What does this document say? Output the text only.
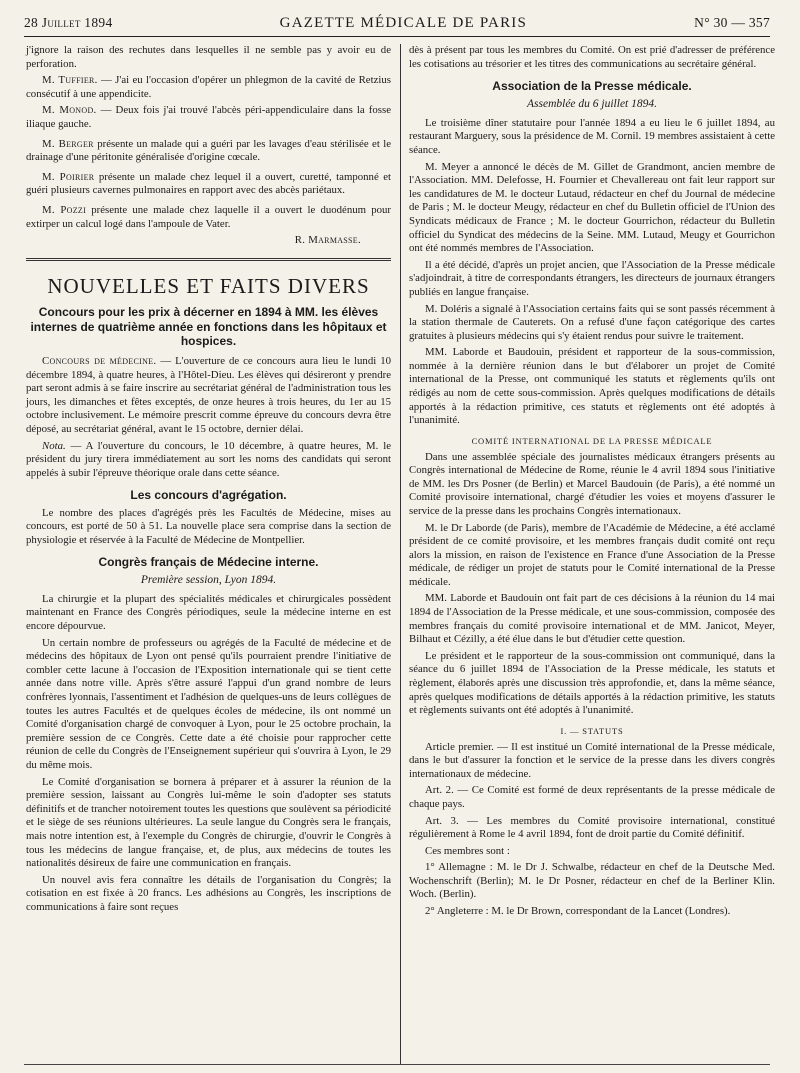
28 Juillet 1894	GAZETTE MÉDICALE DE PARIS	N° 30 — 357

j'ignore la raison des rechutes dans lesquelles il ne semble pas y avoir eu de perforation.

M. Tuffier. — J'ai eu l'occasion d'opérer un phlegmon de la cavité de Retzius consécutif à une appendicite.

M. Monod. — Deux fois j'ai trouvé l'abcès péri-appendiculaire dans la fosse iliaque gauche.

M. Berger présente un malade qui a guéri par les lavages d'eau stérilisée et le drainage d'une péritonite généralisée d'origine cœcale.

M. Poirier présente un malade chez lequel il a ouvert, curetté, tamponné et guéri plusieurs cavernes pulmonaires en rapport avec des abcès pariétaux.

M. Pozzi présente une malade chez laquelle il a ouvert le duodénum pour extirper un calcul logé dans l'ampoule de Vater.

R. Marmasse.
NOUVELLES ET FAITS DIVERS
Concours pour les prix à décerner en 1894 à MM. les élèves internes de quatrième année en fonctions dans les hôpitaux et hospices.

Concours de médecine. — L'ouverture de ce concours aura lieu le lundi 10 décembre 1894, à quatre heures, à l'Hôtel-Dieu. Les élèves qui désireront y prendre part seront admis à se faire inscrire au secrétariat général de l'administration tous les jours, les dimanches et fêtes exceptés, de onze heures à trois heures, du 1er au 15 octobre inclusivement. Le mémoire prescrit comme épreuve du concours devra être déposé, au secrétariat général, avant le 15 octobre, dernier délai.

Nota. — A l'ouverture du concours, le 10 décembre, à quatre heures, M. le président du jury tirera immédiatement au sort les noms des candidats qui seront appelés à subir l'épreuve théorique orale dans cette séance.

Les concours d'agrégation.

Le nombre des places d'agrégés près les Facultés de Médecine, mises au concours, est porté de 50 à 51. La nouvelle place sera comprise dans la section de physiologie et réservée à la Faculté de Médecine de Montpellier.

Congrès français de Médecine interne.
Première session, Lyon 1894.

La chirurgie et la plupart des spécialités médicales et chirurgicales possèdent maintenant en France des Congrès périodiques, seule la médecine interne en est encore dépourvue.

Un certain nombre de professeurs ou agrégés de la Faculté de médecine et de médecins des hôpitaux de Lyon ont pensé qu'ils pourraient prendre l'initiative de combler cette lacune à l'occasion de l'Exposition internationale qui se tient cette année dans notre ville. Après s'être assuré l'appui d'un grand nombre de leurs confrères lyonnais, l'assentiment et l'adhésion de quelques-uns de leurs collègues de toutes les autres Facultés et de quelques écoles de médecine, ils ont nommé un Comité d'organisation chargé de convoquer à Lyon, pour le 25 octobre prochain, la première session de ce Congrès. Cette date a été choisie pour rapprocher cette réunion de celle du Congrès de l'Enseignement supérieur qui s'ouvrira à Lyon, le 29 du même mois.

Le Comité d'organisation se bornera à préparer et à assurer la réunion de la première session, laissant au Congrès lui-même le soin d'adopter ses statuts définitifs et de trancher notoirement toutes les questions que soulèvent sa périodicité et le siège de ses réunions ultérieures. La seule langue du Congrès sera le français, mais notre intention est, à l'exemple du Congrès de chirurgie, d'ouvrir le Congrès à tous les médecins de langue française, et, de plus, aux médecins de toutes les nationalités désireux de faire une communication en français.

Un nouvel avis fera connaître les détails de l'organisation du Congrès; la cotisation en est fixée à 20 francs. Les adhésions au Congrès, les inscriptions de communications à faire sont reçues

dès à présent par tous les membres du Comité. On est prié d'adresser de préférence les cotisations au trésorier et les titres des communications au secrétaire général.

Association de la Presse médicale.
Assemblée du 6 juillet 1894.

Le troisième dîner statutaire pour l'année 1894 a eu lieu le 6 juillet 1894, au restaurant Marguery, sous la présidence de M. Cornil. 19 membres assistaient à cette séance.

M. Meyer a annoncé le décès de M. Gillet de Grandmont, ancien membre de l'Association. MM. Delefosse, H. Fournier et Chevallereau ont fait leur rapport sur les candidatures de M. le docteur Lutaud, rédacteur en chef du Journal de médecine de Paris ; M. le docteur Meugy, rédacteur en chef du Bulletin officiel de l'Union des Syndicats médicaux de France ; M. le docteur Gourrichon, rédacteur du Bulletin officiel du Syndicat des médecins de la Seine. MM. Lutaud, Meugy et Gourrichon ont été nommés membres de l'Association.

Il a été décidé, d'après un projet ancien, que l'Association de la Presse médicale s'adjoindrait, à titre de correspondants étrangers, les directeurs de journaux étrangers publiés en langue française.

M. Doléris a signalé à l'Association certains faits qui se sont passés récemment à la station thermale de Cauterets. On a refusé d'une façon catégorique des cartes gratuites à plusieurs médecins qui s'y étaient rendus pour suivre le traitement.

MM. Laborde et Baudouin, président et rapporteur de la sous-commission, nommée à la dernière réunion dans le but d'élaborer un projet de Comité international de la Presse, ont communiqué les statuts et règlements qu'ils ont rédigés au nom de cette sous-commission. Après quelques modifications de détails apportés à la rédaction primitive, ces statuts et règlements ont été adoptés à l'unanimité.

COMITÉ INTERNATIONAL DE LA PRESSE MÉDICALE

Dans une assemblée spéciale des journalistes médicaux étrangers présents au Congrès international de Médecine de Rome, réunie le 4 avril 1894 sous l'initiative de MM. les Drs Posner (de Berlin) et Marcel Baudouin (de Paris), a été nommé un Comité provisoire international, chargé d'étudier les voies et moyens d'assurer le service de la presse dans les prochains Congrès internationaux.

M. le Dr Laborde (de Paris), membre de l'Académie de Médecine, a été acclamé président de ce comité provisoire, et les membres français dudit comité ont reçu alors la mission, en raison de l'existence en France d'une Association de la Presse médicale, de rédiger un projet de statuts pour le Comité international de la Presse médicale.

MM. Laborde et Baudouin ont fait part de ces décisions à la réunion du 14 mai 1894 de l'Association de la Presse médicale, et une sous-commission, composée des membres français du comité provisoire international et de MM. Janicot, Meyer, Bilhaut et Cézilly, a été élue dans le but d'étudier cette question.

Le président et le rapporteur de la sous-commission ont communiqué, dans la séance du 6 juillet 1894 de l'Association de la Presse médicale, les statuts et règlement, élaborés après une discussion très approfondie, et, dans la même séance, après quelques modifications de détails apportés à la rédaction primitive, les statuts et règlements suivants ont été adoptés à l'unanimité.

I. — STATUTS

Article premier. — Il est institué un Comité international de la Presse médicale, dans le but d'assurer la fonction et le service de la presse dans les divers congrès internationaux de médecine.

Art. 2. — Ce Comité est formé de deux représentants de la presse médicale de chaque pays.

Art. 3. — Les membres du Comité provisoire international, constitué régulièrement à Rome le 4 avril 1894, font de droit partie du Comité définitif.

Ces membres sont :

1° Allemagne : M. le Dr J. Schwalbe, rédacteur en chef de la Deutsche Med. Wochenschrift (Berlin); M. le Dr Posner, rédacteur en chef de la Berliner Klin. Woch. (Berlin).

2° Angleterre : M. le Dr Brown, correspondant de la Lancet (Londres).
